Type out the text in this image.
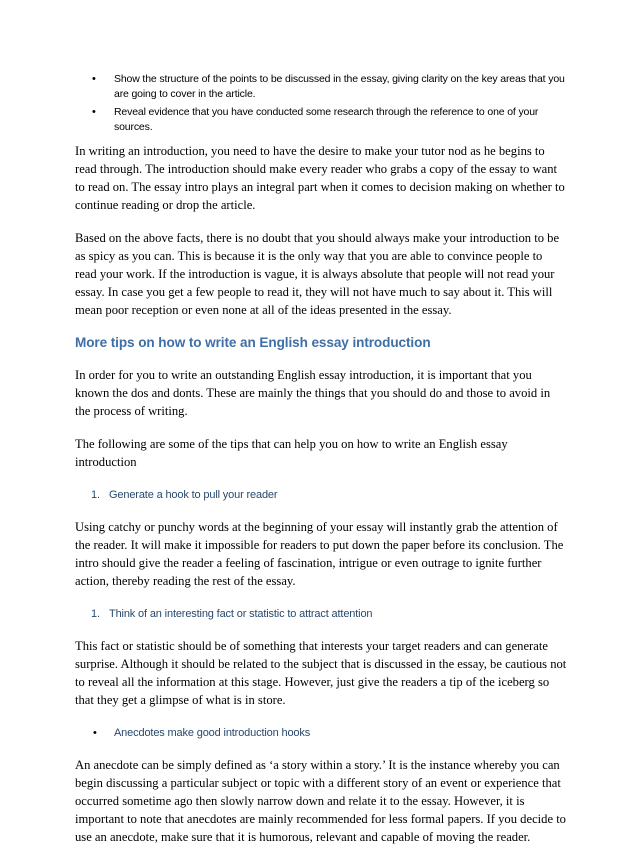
• Show the structure of the points to be discussed in the essay, giving clarity on the key areas that you are going to cover in the article.
• Reveal evidence that you have conducted some research through the reference to one of your sources.

In writing an introduction, you need to have the desire to make your tutor nod as he begins to read through. The introduction should make every reader who grabs a copy of the essay to want to read on. The essay intro plays an integral part when it comes to decision making on whether to continue reading or drop the article.

Based on the above facts, there is no doubt that you should always make your introduction to be as spicy as you can. This is because it is the only way that you are able to convince people to read your work. If the introduction is vague, it is always absolute that people will not read your essay. In case you get a few people to read it, they will not have much to say about it. This will mean poor reception or even none at all of the ideas presented in the essay.

More tips on how to write an English essay introduction

In order for you to write an outstanding English essay introduction, it is important that you known the dos and donts. These are mainly the things that you should do and those to avoid in the process of writing.

The following are some of the tips that can help you on how to write an English essay introduction

1. Generate a hook to pull your reader

Using catchy or punchy words at the beginning of your essay will instantly grab the attention of the reader. It will make it impossible for readers to put down the paper before its conclusion. The intro should give the reader a feeling of fascination, intrigue or even outrage to ignite further action, thereby reading the rest of the essay.

1. Think of an interesting fact or statistic to attract attention

This fact or statistic should be of something that interests your target readers and can generate surprise. Although it should be related to the subject that is discussed in the essay, be cautious not to reveal all the information at this stage. However, just give the readers a tip of the iceberg so that they get a glimpse of what is in store.

• Anecdotes make good introduction hooks

An anecdote can be simply defined as ‘a story within a story.’ It is the instance whereby you can begin discussing a particular subject or topic with a different story of an event or experience that occurred sometime ago then slowly narrow down and relate it to the essay. However, it is important to note that anecdotes are mainly recommended for less formal papers. If you decide to use an anecdote, make sure that it is humorous, relevant and capable of moving the reader.
